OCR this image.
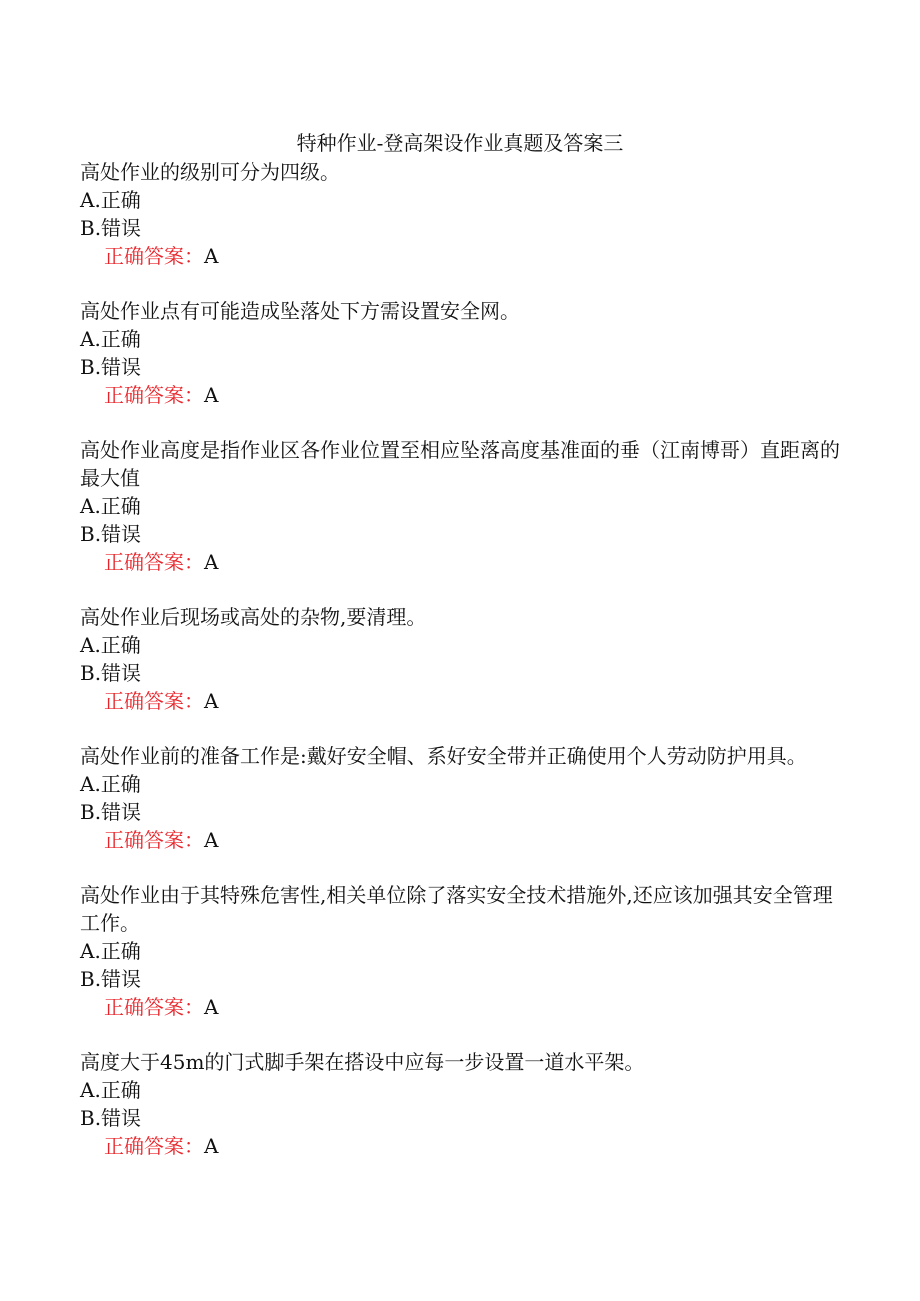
特种作业-登高架设作业真题及答案三

高处作业的级别可分为四级。

A.正确

B.错误

正确答案：A

高处作业点有可能造成坠落处下方需设置安全网。

A.正确

B.错误

正确答案：A

高处作业高度是指作业区各作业位置至相应坠落高度基准面的垂（江南博哥）直距离的最大值

A.正确

B.错误

正确答案：A

高处作业后现场或高处的杂物,要清理。

A.正确

B.错误

正确答案：A

高处作业前的准备工作是:戴好安全帽、系好安全带并正确使用个人劳动防护用具。

A.正确

B.错误

正确答案：A

高处作业由于其特殊危害性,相关单位除了落实安全技术措施外,还应该加强其安全管理工作。

A.正确

B.错误

正确答案：A

高度大于45m的门式脚手架在搭设中应每一步设置一道水平架。

A.正确

B.错误

正确答案：A
